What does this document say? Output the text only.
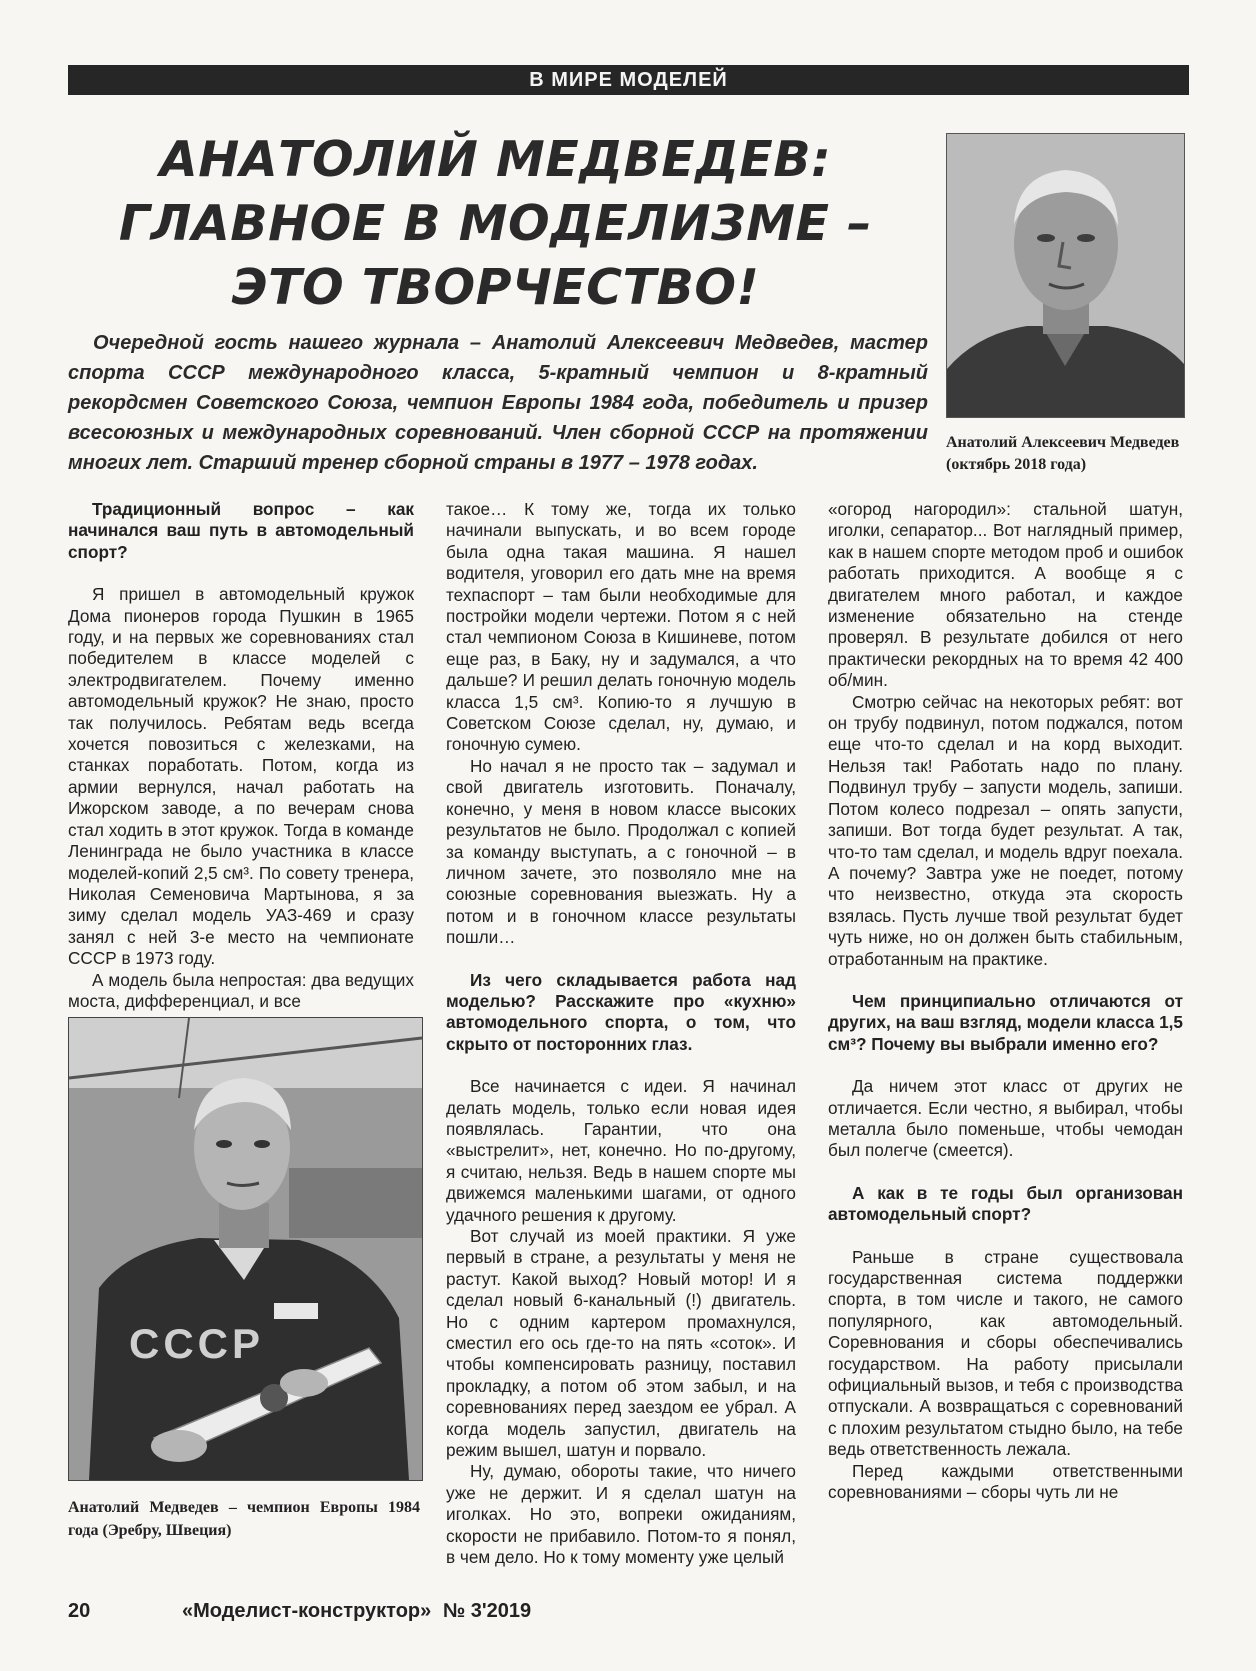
В МИРЕ МОДЕЛЕЙ
АНАТОЛИЙ МЕДВЕДЕВ:
ГЛАВНОЕ В МОДЕЛИЗМЕ –
ЭТО ТВОРЧЕСТВО!
Анатолий Алексеевич Медведев (октябрь 2018 года)
Очередной гость нашего журнала – Анатолий Алексеевич Медведев, мастер спорта СССР международного класса, 5-кратный чемпион и 8-кратный рекордсмен Советского Союза, чемпион Европы 1984 года, победитель и призер всесоюзных и международных соревнований. Член сборной СССР на протяжении многих лет. Старший тренер сборной страны в 1977 – 1978 годах.

Традиционный вопрос – как начинался ваш путь в автомодельный спорт?

Я пришел в автомодельный кружок Дома пионеров города Пушкин в 1965 году, и на первых же соревнованиях стал победителем в классе моделей с электродвигателем. Почему именно автомодельный кружок? Не знаю, просто так получилось. Ребятам ведь всегда хочется повозиться с железками, на станках поработать. Потом, когда из армии вернулся, начал работать на Ижорском заводе, а по вечерам снова стал ходить в этот кружок. Тогда в команде Ленинграда не было участника в классе моделей-копий 2,5 см³. По совету тренера, Николая Семеновича Мартынова, я за зиму сделал модель УАЗ-469 и сразу занял с ней 3-е место на чемпионате СССР в 1973 году.

А модель была непростая: два ведущих моста, дифференциал, и все

СССР
Анатолий Медведев – чемпион Европы 1984 года (Эребру, Швеция)

такое… К тому же, тогда их только начинали выпускать, и во всем городе была одна такая машина. Я нашел водителя, уговорил его дать мне на время техпаспорт – там были необходимые для постройки модели чертежи. Потом я с ней стал чемпионом Союза в Кишиневе, потом еще раз, в Баку, ну и задумался, а что дальше? И решил делать гоночную модель класса 1,5 см³. Копию-то я лучшую в Советском Союзе сделал, ну, думаю, и гоночную сумею.

Но начал я не просто так – задумал и свой двигатель изготовить. Поначалу, конечно, у меня в новом классе высоких результатов не было. Продолжал с копией за команду выступать, а с гоночной – в личном зачете, это позволяло мне на союзные соревнования выезжать. Ну а потом и в гоночном классе результаты пошли…

Из чего складывается работа над моделью? Расскажите про «кухню» автомодельного спорта, о том, что скрыто от посторонних глаз.

Все начинается с идеи. Я начинал делать модель, только если новая идея появлялась. Гарантии, что она «выстрелит», нет, конечно. Но по-другому, я считаю, нельзя. Ведь в нашем спорте мы движемся маленькими шагами, от одного удачного решения к другому.

Вот случай из моей практики. Я уже первый в стране, а результаты у меня не растут. Какой выход? Новый мотор! И я сделал новый 6-канальный (!) двигатель. Но с одним картером промахнулся, сместил его ось где-то на пять «соток». И чтобы компенсировать разницу, поставил прокладку, а потом об этом забыл, и на соревнованиях перед заездом ее убрал. А когда модель запустил, двигатель на режим вышел, шатун и порвало.

Ну, думаю, обороты такие, что ничего уже не держит. И я сделал шатун на иголках. Но это, вопреки ожиданиям, скорости не прибавило. Потом-то я понял, в чем дело. Но к тому моменту уже целый

«огород нагородил»: стальной шатун, иголки, сепаратор... Вот наглядный пример, как в нашем спорте методом проб и ошибок работать приходится. А вообще я с двигателем много работал, и каждое изменение обязательно на стенде проверял. В результате добился от него практически рекордных на то время 42 400 об/мин.

Смотрю сейчас на некоторых ребят: вот он трубу подвинул, потом поджался, потом еще что-то сделал и на корд выходит. Нельзя так! Работать надо по плану. Подвинул трубу – запусти модель, запиши. Потом колесо подрезал – опять запусти, запиши. Вот тогда будет результат. А так, что-то там сделал, и модель вдруг поехала. А почему? Завтра уже не поедет, потому что неизвестно, откуда эта скорость взялась. Пусть лучше твой результат будет чуть ниже, но он должен быть стабильным, отработанным на практике.

Чем принципиально отличаются от других, на ваш взгляд, модели класса 1,5 см³? Почему вы выбрали именно его?

Да ничем этот класс от других не отличается. Если честно, я выбирал, чтобы металла было поменьше, чтобы чемодан был полегче (смеется).

А как в те годы был организован автомодельный спорт?

Раньше в стране существовала государственная система поддержки спорта, в том числе и такого, не самого популярного, как автомодельный. Соревнования и сборы обеспечивались государством. На работу присылали официальный вызов, и тебя с производства отпускали. А возвращаться с соревнований с плохим результатом стыдно было, на тебе ведь ответственность лежала.

Перед каждыми ответственными соревнованиями – сборы чуть ли не

20	«Моделист-конструктор» № 3'2019
